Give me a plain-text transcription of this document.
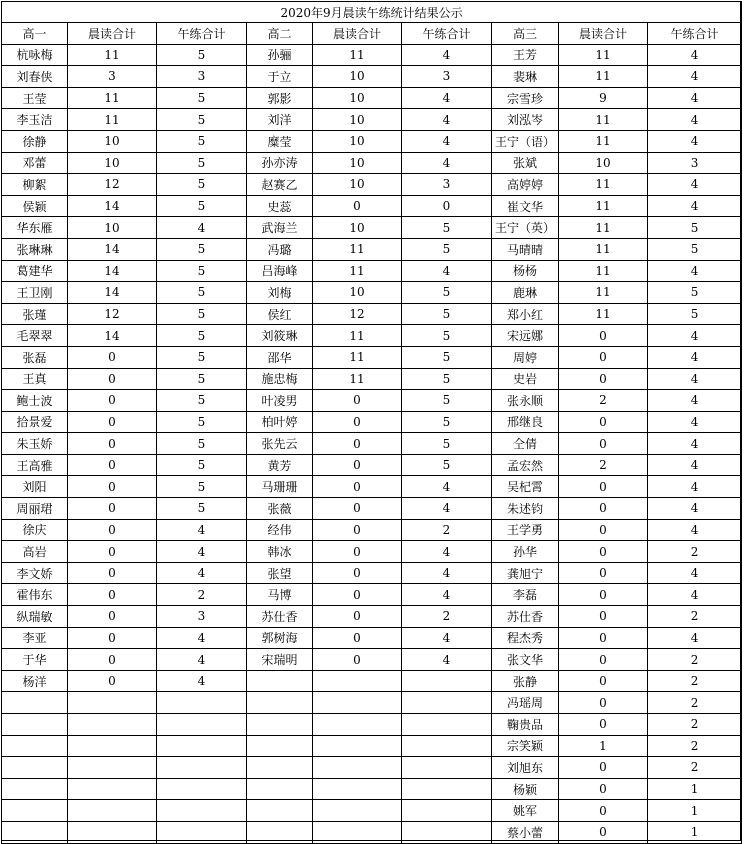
2020年9月晨读午练统计结果公示								
高一	晨读合计	午练合计	高二	晨读合计	午练合计	高三	晨读合计	午练合计
杭咏梅	11	5	孙骊	11	4	王芳	11	4
刘春侠	3	3	于立	10	3	裴琳	11	4
王莹	11	5	郭影	10	4	宗雪珍	9	4
李玉洁	11	5	刘洋	10	4	刘泓岑	11	4
徐静	10	5	糜莹	10	4	王宁（语）	11	4
邓蕾	10	5	孙亦涛	10	4	张斌	10	3
柳絮	12	5	赵赛乙	10	3	高婷婷	11	4
侯颖	14	5	史蕊	0	0	崔文华	11	4
华东雁	10	4	武海兰	10	5	王宁（英）	11	5
张琳琳	14	5	冯璐	11	5	马晴晴	11	5
葛建华	14	5	吕海峰	11	4	杨杨	11	4
王卫刚	14	5	刘梅	10	5	鹿琳	11	5
张瑾	12	5	侯红	12	5	郑小红	11	5
毛翠翠	14	5	刘筱琳	11	5	宋远娜	0	4
张磊	0	5	邵华	11	5	周婷	0	4
王真	0	5	施忠梅	11	5	史岩	0	4
鲍士波	0	5	叶凌男	0	5	张永顺	2	4
拾景爱	0	5	柏叶婷	0	5	邢继良	0	4
朱玉娇	0	5	张先云	0	5	仝倩	0	4
王高雅	0	5	黄芳	0	5	孟宏然	2	4
刘阳	0	5	马珊珊	0	4	吴杞霄	0	4
周丽珺	0	5	张薇	0	4	朱述钧	0	4
徐庆	0	4	经伟	0	2	王学勇	0	4
高岩	0	4	韩冰	0	4	孙华	0	2
李文娇	0	4	张望	0	4	龚旭宁	0	4
霍伟东	0	2	马博	0	4	李磊	0	4
纵瑞敏	0	3	苏仕香	0	2	苏仕香	0	2
李亚	0	4	郭树海	0	4	程杰秀	0	4
于华	0	4	宋瑞明	0	4	张文华	0	2
杨洋	0	4				张静	0	2
						冯瑶周	0	2
						鞠贵品	0	2
						宗笑颖	1	2
						刘旭东	0	2
						杨颖	0	1
						姚军	0	1
						蔡小蕾	0	1
